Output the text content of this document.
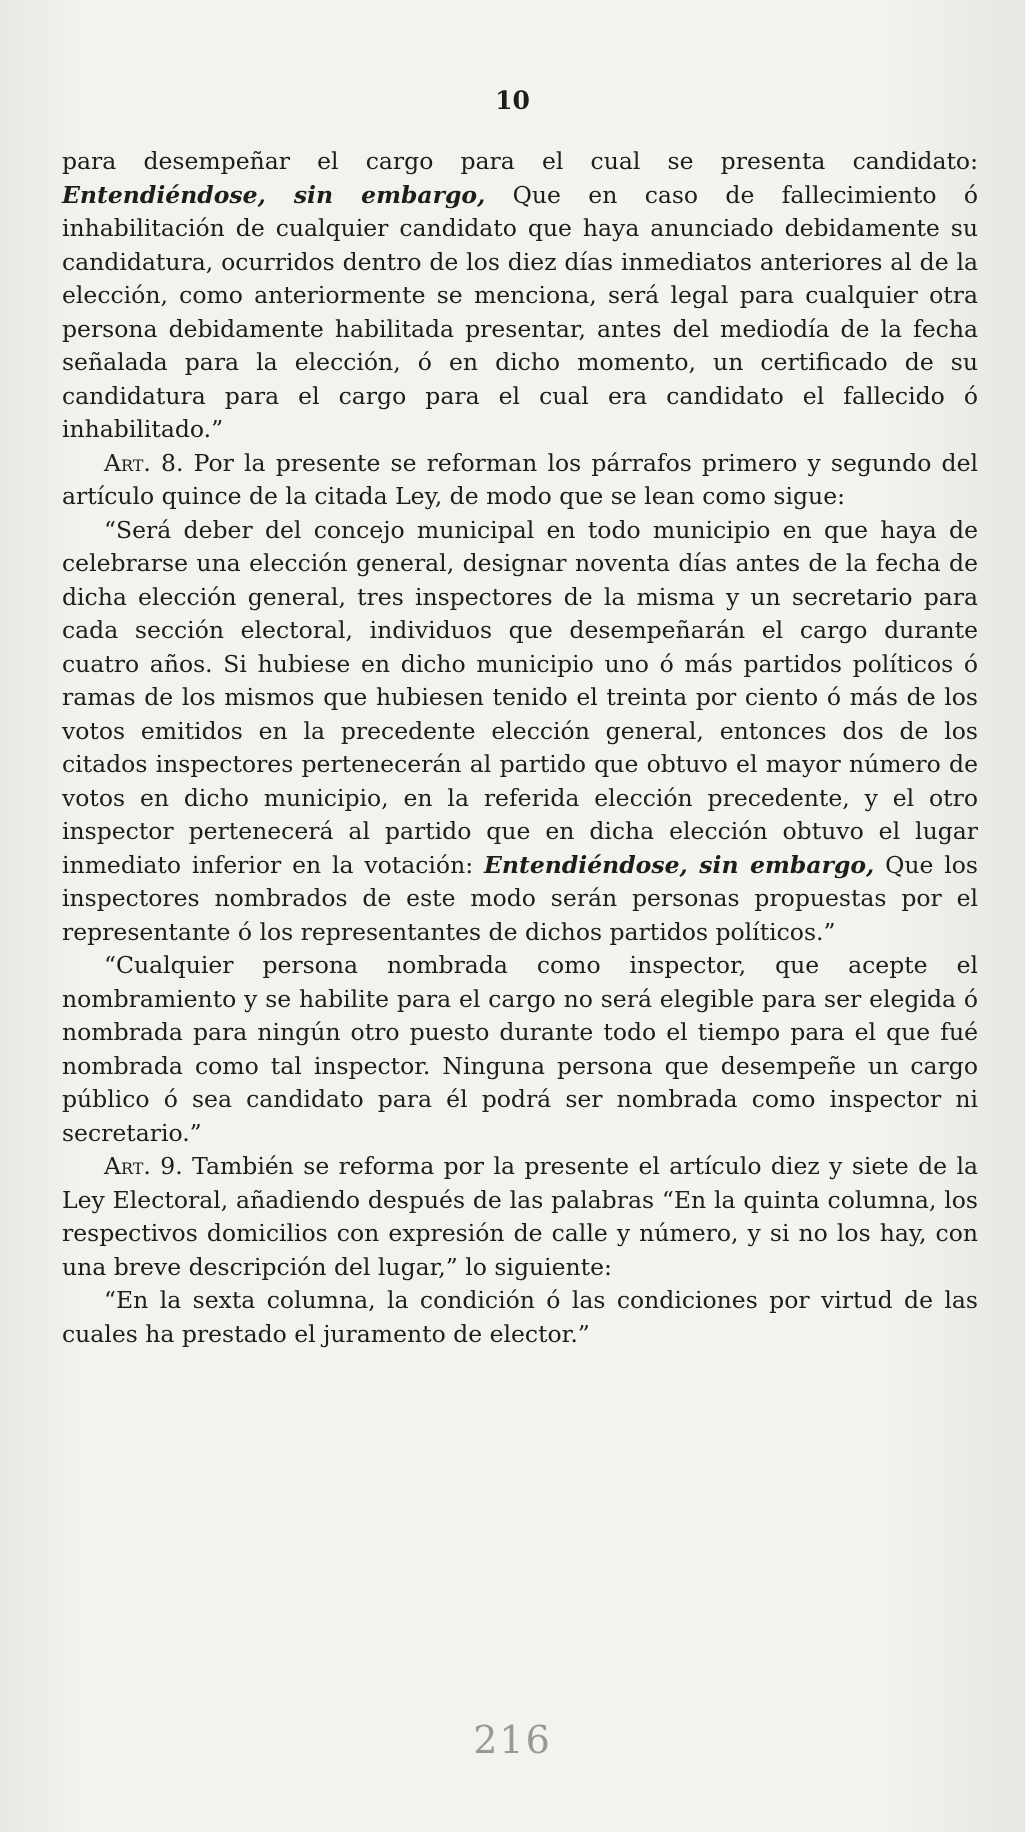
10

para desempeñar el cargo para el cual se presenta candidato: Entendiéndose, sin embargo, Que en caso de fallecimiento ó inhabilitación de cualquier candidato que haya anunciado debidamente su candidatura, ocurridos dentro de los diez días inmediatos anteriores al de la elección, como anteriormente se menciona, será legal para cualquier otra persona debidamente habilitada presentar, antes del mediodía de la fecha señalada para la elección, ó en dicho momento, un certificado de su candidatura para el cargo para el cual era candidato el fallecido ó inhabilitado.”

Art. 8. Por la presente se reforman los párrafos primero y segundo del artículo quince de la citada Ley, de modo que se lean como sigue:

“Será deber del concejo municipal en todo municipio en que haya de celebrarse una elección general, designar noventa días antes de la fecha de dicha elección general, tres inspectores de la misma y un secretario para cada sección electoral, individuos que desempeñarán el cargo durante cuatro años. Si hubiese en dicho municipio uno ó más partidos políticos ó ramas de los mismos que hubiesen tenido el treinta por ciento ó más de los votos emitidos en la precedente elección general, entonces dos de los citados inspectores pertenecerán al partido que obtuvo el mayor número de votos en dicho municipio, en la referida elección precedente, y el otro inspector pertenecerá al partido que en dicha elección obtuvo el lugar inmediato inferior en la votación: Entendiéndose, sin embargo, Que los inspectores nombrados de este modo serán personas propuestas por el representante ó los representantes de dichos partidos políticos.”

“Cualquier persona nombrada como inspector, que acepte el nombramiento y se habilite para el cargo no será elegible para ser elegida ó nombrada para ningún otro puesto durante todo el tiempo para el que fué nombrada como tal inspector. Ninguna persona que desempeñe un cargo público ó sea candidato para él podrá ser nombrada como inspector ni secretario.”

Art. 9. También se reforma por la presente el artículo diez y siete de la Ley Electoral, añadiendo después de las palabras “En la quinta columna, los respectivos domicilios con expresión de calle y número, y si no los hay, con una breve descripción del lugar,” lo siguiente:

“En la sexta columna, la condición ó las condiciones por virtud de las cuales ha prestado el juramento de elector.”

216
